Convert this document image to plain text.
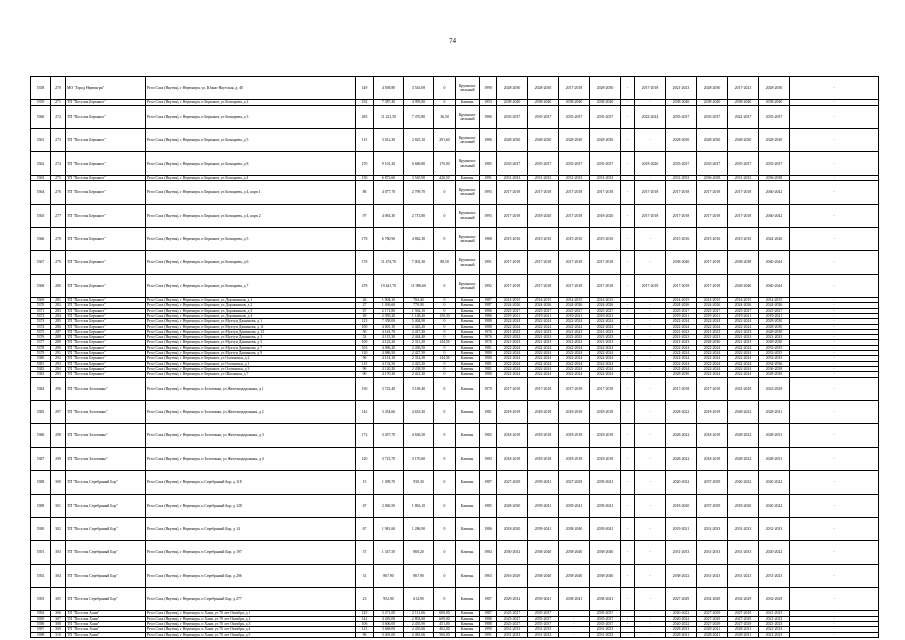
74
5358	270	МО "Город Нерюнгри"	Респ Саха (Якутия), г Нерюнгри, ул. Южно-Якутская, д. 40	149	4 058,80	3 543,69	0	Крупнопа-нельный	1990	2028-2030	2028-2030	2017-2018	2028-2030	-	2017-2018	2021-2023	2028-2030	2017-2023	2028-2030	-
5359	271	ТП "Поселок Беркакит"	Респ Саха (Якутия), г Нерюнгри, п Беркакит, ул Бочкарева, д 2	192	7 387,40	4 995,80	0	Каменн.	1953	2038-2040	2038-2040	2038-2040	2038-2040	-	-	2038-2040	2038-2040	2038-2040	2038-2040	-
5360	272	ТП "Поселок Беркакит"	Респ Саха (Якутия), г Нерюнгри, п Беркакит, ул Бочкарева, д 3	285	11 221,50	7 470,80	36,50	Крупнопа-нельный	1986	2035-2037	2035-2037	2035-2037	2035-2037	-	2022-2024	2035-2037	2035-2037	2022-2037	2035-2037	-
5361	273	ТП "Поселок Беркакит"	Респ Саха (Якутия), г Нерюнгри, п Беркакит, ул Бочкарева, д 5	115	3 012,30	2 825,10	291,60	Крупнопа-нельный	1986	2028-2030	2028-2030	2028-2030	2028-2030	-	-	2028-2030	2028-2030	2028-2030	2028-2030	-
5362	274	ТП "Поселок Беркакит"	Респ Саха (Якутия), г Нерюнгри, п Беркакит, ул Бочкарева, д 8	270	9 101,20	6 686,80	170,00	Крупнопа-нельный	1985	2035-2037	2035-2037	2035-2037	2035-2037	-	2018-2020	2035-2037	2035-2037	2035-2037	2035-2037	-
5363	275	ТП "Поселок Беркакит"	Респ Саха (Якутия), г Нерюнгри, п Беркакит, ул Бочкарева, д 4	150	6 872,60	3 545,90	426,50	Каменн.	1991	2031-2033	2031-2033	2031-2033	2031-2033	-	-	2031-2033	2036-2038	2031-2033	2036-2038	-
5364	276	ТП "Поселок Беркакит"	Респ Саха (Якутия), г Нерюнгри, п Беркакит, ул Бочкарева, д 4, корп 1	88	4 077,70	2 799,70	0	Крупнопа-нельный	1993	2017-2018	2017-2018	2017-2018	2017-2018	-	2017-2018	2017-2018	2017-2018	2017-2018	2040-2042	-
5365	277	ТП "Поселок Беркакит"	Респ Саха (Якутия), г Нерюнгри, п Беркакит, ул Бочкарева, д 4, корп 2	97	4 063,30	2 715,80	0	Крупнопа-нельный	1993	2017-2018	2018-2020	2017-2018	2018-2020	-	2017-2018	2017-2018	2017-2018	2017-2018	2040-2042	-
5366	278	ТП "Поселок Беркакит"	Респ Саха (Якутия), г Нерюнгри, п Беркакит, ул Бочкарева, д 5	178	6 760,90	4 862,30	0	Крупнопа-нельный	1988	2015-2016	2015-2016	2015-2016	2015-2016	-	-	2015-2016	2015-2016	2015-2016	2024-2026	-
5367	279	ТП "Поселок Беркакит"	Респ Саха (Якутия), г Нерюнгри, п Беркакит, ул Бочкарева, д 6	178	11 474,70	7 002,30	88,50	Крупнопа-нельный	1991	2017-2018	2017-2018	2017-2018	2017-2018	-	-	2038-2040	2017-2018	2038-2038	2040-2042	-
5368	280	ТП "Поселок Беркакит"	Респ Саха (Якутия), г Нерюнгри, п Беркакит, ул Бочкарева, д 7	478	19 441,70	11 986,60	0	Крупнопа-нельный	1992	2017-2018	2017-2018	2017-2018	2017-2018	-	2017-2018	2017-2018	2017-2018	2028-2040	2040-2042	-
5369	281	ТП "Поселок Беркакит"	Респ Саха (Якутия), г Нерюнгри, п Беркакит, ул Дорожников, д 1	26	1 004,10	784,40	0	Каменн.	1987	2014-2015	2014-2015	2014-2015	2014-2015	-	-	2014-2015	2014-2015	2014-2015	2014-2015	-
5370	282	ТП "Поселок Беркакит"	Респ Саха (Якутия), г Нерюнгри, п Беркакит, ул Дорожников, д 2	27	1 036,60	778,90	0	Каменн.	1987	2024-2026	2024-2026	2024-2026	2024-2026	-	-	2024-2026	2024-2026	2024-2026	2024-2026	-
5371	283	ТП "Поселок Беркакит"	Респ Саха (Якутия), г Нерюнгри, п Беркакит, ул Дорожников, д 3	67	2 171,80	1 562,10	0	Каменн.	1986	2025-2027	2025-2027	2025-2027	2025-2027	-	-	2025-2027	2025-2027	2025-2027	2025-2027	-
5372	284	ТП "Поселок Беркакит"	Респ Саха (Якутия), г Нерюнгри, п Беркакит, ул Дорожников, д 4	49	2 059,20	1 148,40	150,30	Каменн.	1986	2019-2021	2019-2021	2019-2021	2019-2021	-	-	2019-2021	2019-2021	2019-2021	2019-2021	-
5373	285	ТП "Поселок Беркакит"	Респ Саха (Якутия), г Нерюнгри, п Беркакит, ул Мухтуи Дашинова, д 1	123	7 358,00	5 404,90	0	Каменн.	1988	2022-2024	2022-2024	2022-2024	2022-2024	-	-	2022-2024	2022-2024	2022-2024	2028-2030	-
5374	286	ТП "Поселок Беркакит"	Респ Саха (Якутия), г Нерюнгри, п Беркакит, ул Мухтуи Дашинова, д 11	100	4 001,10	2 443,20	0	Каменн.	1988	2022-2024	2022-2024	2022-2024	2022-2024	-	-	2022-2024	2022-2024	2022-2024	2028-2030	-
5375	287	ТП "Поселок Беркакит"	Респ Саха (Якутия), г Нерюнгри, п Беркакит, ул Мухтуи Дашинова, д 13	50	4 161,70	2 417,20	0	Каменн.	1976	2021-2023	2021-2023	2021-2023	2021-2023	-	-	2021-2023	2021-2023	2021-2023	2028-2030	-
5376	288	ТП "Поселок Беркакит"	Респ Саха (Якутия), г Нерюнгри, п Беркакит, ул Мухтуи Дашинова, д 3	52	4 115,30	2 444,40	0	Каменн.	1976	2021-2023	2021-2023	2021-2023	2021-2023	-	-	2021-2023	2021-2023	2021-2023	2021-2023	-
5377	289	ТП "Поселок Беркакит"	Респ Саха (Якутия), г Нерюнгри, п Беркакит, ул Мухтуи Дашинова, д 5	100	4 123,20	2 311,20	144,50	Каменн.	1976	2021-2023	2021-2023	2021-2023	2021-2023	-	-	2021-2023	2028-2030	2021-2023	2028-2030	-
5378	290	ТП "Поселок Беркакит"	Респ Саха (Якутия), г Нерюнгри, п Беркакит, ул Мухтуи Дашинова, д 7	103	4 096,20	2 436,50	0	Каменн.	1981	2022-2024	2022-2024	2022-2024	2022-2024	-	-	2022-2024	2022-2024	2022-2024	2033-2035	-
5379	291	ТП "Поселок Беркакит"	Респ Саха (Якутия), г Нерюнгри, п Беркакит, ул Мухтуи Дашинова, д 9	120	4 086,50	2 427,50	0	Каменн.	1980	2022-2024	2022-2024	2022-2024	2022-2024	-	-	2022-2024	2022-2024	2022-2024	2033-2035	-
5380	292	ТП "Поселок Беркакит"	Респ Саха (Якутия), г Нерюнгри, п Беркакит, ул Охотничья, д 2	96	4 114,10	2 314,30	144,30	Каменн.	1980	2022-2024	2022-2024	2022-2024	2022-2024	-	-	2022-2024	2022-2024	2022-2024	2033-2035	-
5381	293	ТП "Поселок Беркакит"	Респ Саха (Якутия), г Нерюнгри, п Беркакит, ул Охотничья, д 1	115	4 132,50	2 425,20	0	Каменн.	1981	2022-2024	2022-2024	2022-2024	2022-2024	-	-	2022-2024	2022-2024	2022-2024	2034-2036	-
5382	294	ТП "Поселок Беркакит"	Респ Саха (Якутия), г Нерюнгри, п Беркакит, ул Охотничья, д 3	96	4 120,20	2 438,50	0	Каменн.	1981	2022-2024	2022-2024	2022-2024	2022-2024	-	-	2022-2024	2022-2024	2022-2024	2036-2038	-
5383	295	ТП "Поселок Беркакит"	Респ Саха (Якутия), г Нерюнгри, п Беркакит, ул Школьная, д 7	90	4 170,30	2 421,20	0	Каменн.	1980	2022-2024	2022-2024	2022-2024	2022-2024	-	-	2028-2030	2022-2024	2022-2024	2028-2030	-
5384	296	ТП "Поселок Золотинка"	Респ Саха (Якутия), г Нерюнгри, п Золотинка, ул Железнодорожная, д 1	130	3 723,40	3 169,40	0	Каменн.	1979	2017-2018	2017-2018	2017-2018	2017-2018	-	-	2017-2018	2017-2018	2023-2029	2023-2029	-
5385	297	ТП "Поселок Золотинка"	Респ Саха (Якутия), г Нерюнгри, п Золотинка, ул Железнодорожная, д 2	142	3 454,60	4 653,30	0	Каменн.	1981	2018-2018	2018-2018	2018-2018	2018-2018	-	-	2028-2022	2018-2018	2028-2022	2028-2031	-
5386	298	ТП "Поселок Золотинка"	Респ Саха (Якутия), г Нерюнгри, п Золотинка, ул Железнодорожная, д 3	172	3 457,70	4 636,50	0	Каменн.	1982	2018-2018	2018-2018	2018-2018	2018-2018	-	-	2028-2022	2018-2018	2028-2022	2028-2031	-
5387	299	ТП "Поселок Золотинка"	Респ Саха (Якутия), г Нерюнгри, п Золотинка, ул Железнодорожная, д 4	120	3 723,70	3 170,60	0	Каменн.	1983	2018-2018	2018-2018	2018-2018	2018-2018	-	-	2028-2022	2018-2018	2028-2022	2028-2031	-
5388	300	ТП "Поселок Серебряный Бор"	Респ Саха (Якутия), г Нерюнгри, п Серебряный Бор, д 118	15	1 399,70	939,30	0	Каменн.	1987	2027-2029	2039-2041	2027-2029	2039-2041	-	-	2020-2022	2037-2039	2020-2022	2020-2022	-
5389	301	ТП "Поселок Серебряный Бор"	Респ Саха (Якутия), г Нерюнгри, п Серебряный Бор, д 128	67	2 940,50	1 863,10	0	Каменн.	1985	2028-2030	2039-2041	2039-2041	2039-2041	-	-	2018-2020	2037-2039	2018-2020	2020-2022	-
5390	302	ТП "Поселок Серебряный Бор"	Респ Саха (Якутия), г Нерюнгри, п Серебряный Бор, д 14	67	1 981,60	1 286,90	0	Каменн.	1986	2018-2020	2039-2041	2038-2040	2039-2041	-	-	2019-2021	2031-2033	2031-2033	2031-2033	-
5391	303	ТП "Поселок Серебряный Бор"	Респ Саха (Якутия), г Нерюнгри, п Серебряный Бор, д 197	37	1 347,50	868,20	0	Каменн.	1984	2030-2032	2038-2040	2038-2040	2038-2040	-	-	2031-2033	2031-2033	2031-2033	2020-2022	-
5392	304	ТП "Поселок Серебряный Бор"	Респ Саха (Якутия), г Нерюнгри, п Серебряный Бор, д 206	31	867,90	867,90	0	Каменн.	1963	2016-2029	2038-2040	2038-2040	2038-2040	-	-	2038-2022	2031-2023	2031-2023	2031-2023	-
5393	305	ТП "Поселок Серебряный Бор"	Респ Саха (Якутия), г Нерюнгри, п Серебряный Бор, д 277	23	952,00	614,90	0	Каменн.	1987	2029-2032	2039-2041	2038-2041	2038-2041	-	-	2027-2029	2032-2029	2032-2029	2032-2029	-
5394	306	ТП "Поселок Хани"	Респ Саха (Якутия), г Нерюнгри, п Хани, ул 70 лет Октября, д 1	125	3 271,00	2 111,66	600,00	Каменн.	1987	2025-2027	2035-2037	-	2035-2037	-	-	2020-2022	2027-2029	2027-2029	2021-2023	-
5395	307	ТП "Поселок Хани"	Респ Саха (Якутия), г Нерюнгри, п Хани, ул 70 лет Октября, д 2	142	4 283,00	2 803,60	609,00	Каменн.	1986	2025-2027	2035-2037	-	2035-2037	-	-	2020-2022	2027-2029	2027-2029	2021-2023	-
5396	308	ТП "Поселок Хани"	Респ Саха (Якутия), г Нерюнгри, п Хани, ул 70 лет Октября, д 3	106	3 606,00	2 435,90	451,00	Каменн.	1988	2025-2027	2035-2037	-	2035-2037	-	-	2020-2022	2027-2029	2027-2029	2021-2023	-
5397	309	ТП "Поселок Хани"	Респ Саха (Якутия), г Нерюнгри, п Хани, ул 70 лет Октября, д 4	121	3 668,00	2 435,66	402,00	Каменн.	1990	2031-2033	2031-2033	-	2031-2033	-	-	2028-2031	2028-2041	2028-2031	2021-2023	-
5398	310	ТП "Поселок Хани"	Респ Саха (Якутия), г Нерюнгри, п Хани, ул 70 лет Октября, д 5	96	3 491,00	2 481,66	560,00	Каменн.	1991	2031-2033	2031-2033	-	2031-2033	-	-	2028-2031	2028-2041	2028-2031	2021-2023	-
